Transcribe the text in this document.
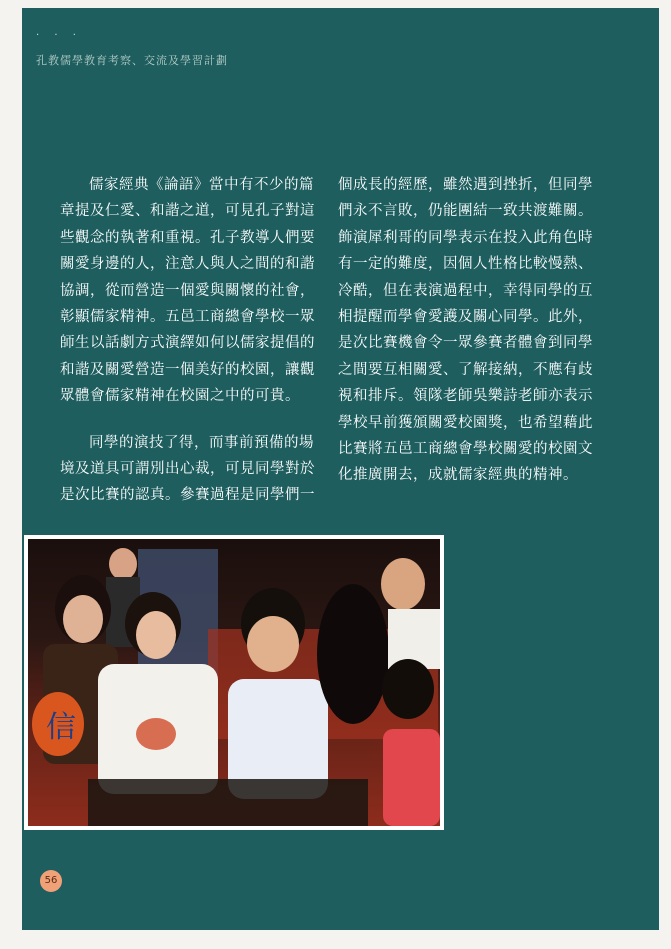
· · ·
孔教儒學教育考察、交流及學習計劃

儒家經典《論語》當中有不少的篇章提及仁愛、和諧之道，可見孔子對這些觀念的執著和重視。孔子教導人們要關愛身邊的人，注意人與人之間的和諧協調，從而營造一個愛與關懷的社會，彰顯儒家精神。五邑工商總會學校一眾師生以話劇方式演繹如何以儒家提倡的和諧及關愛營造一個美好的校園，讓觀眾體會儒家精神在校園之中的可貴。

同學的演技了得，而事前預備的場境及道具可謂別出心裁，可見同學對於是次比賽的認真。參賽過程是同學們一

個成長的經歷，雖然遇到挫折，但同學們永不言敗，仍能團結一致共渡難關。飾演犀利哥的同學表示在投入此角色時有一定的難度，因個人性格比較慢熱、冷酷，但在表演過程中，幸得同學的互相提醒而學會愛護及關心同學。此外，是次比賽機會令一眾參賽者體會到同學之間要互相關愛、了解接納，不應有歧視和排斥。領隊老師吳樂詩老師亦表示學校早前獲頒關愛校園獎，也希望藉此比賽將五邑工商總會學校關愛的校園文化推廣開去，成就儒家經典的精神。

信
56
